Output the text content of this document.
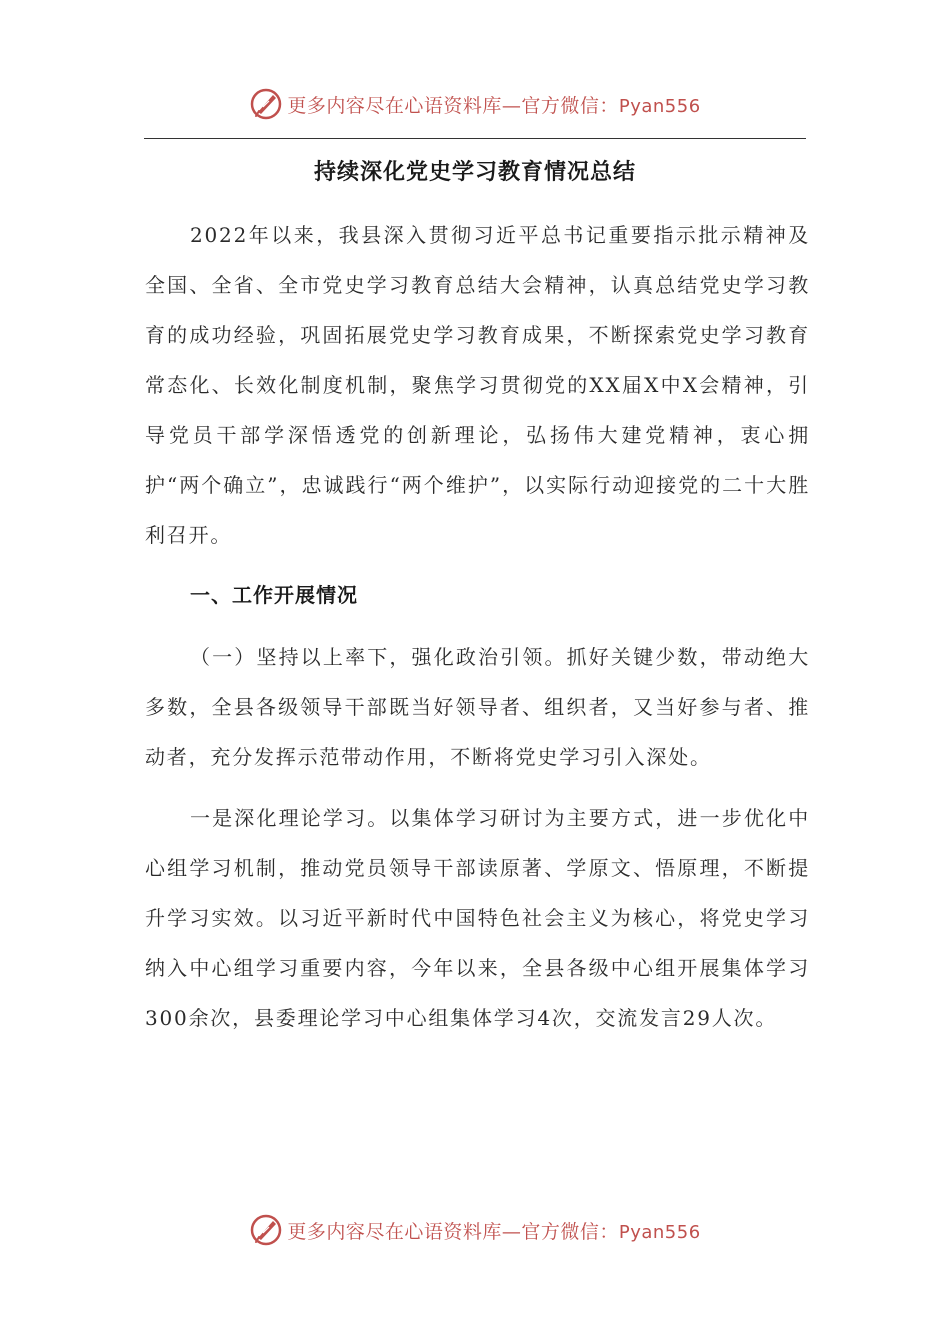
更多内容尽在心语资料库—官方微信：Pyan556
持续深化党史学习教育情况总结

2022年以来，我县深入贯彻习近平总书记重要指示批示精神及全国、全省、全市党史学习教育总结大会精神，认真总结党史学习教育的成功经验，巩固拓展党史学习教育成果，不断探索党史学习教育常态化、长效化制度机制，聚焦学习贯彻党的XX届X中X会精神，引导党员干部学深悟透党的创新理论，弘扬伟大建党精神，衷心拥护“两个确立”，忠诚践行“两个维护”，以实际行动迎接党的二十大胜利召开。

一、工作开展情况

（一）坚持以上率下，强化政治引领。抓好关键少数，带动绝大多数，全县各级领导干部既当好领导者、组织者，又当好参与者、推动者，充分发挥示范带动作用，不断将党史学习引入深处。

一是深化理论学习。以集体学习研讨为主要方式，进一步优化中心组学习机制，推动党员领导干部读原著、学原文、悟原理，不断提升学习实效。以习近平新时代中国特色社会主义为核心，将党史学习纳入中心组学习重要内容，今年以来，全县各级中心组开展集体学习300余次，县委理论学习中心组集体学习4次，交流发言29人次。

更多内容尽在心语资料库—官方微信：Pyan556
